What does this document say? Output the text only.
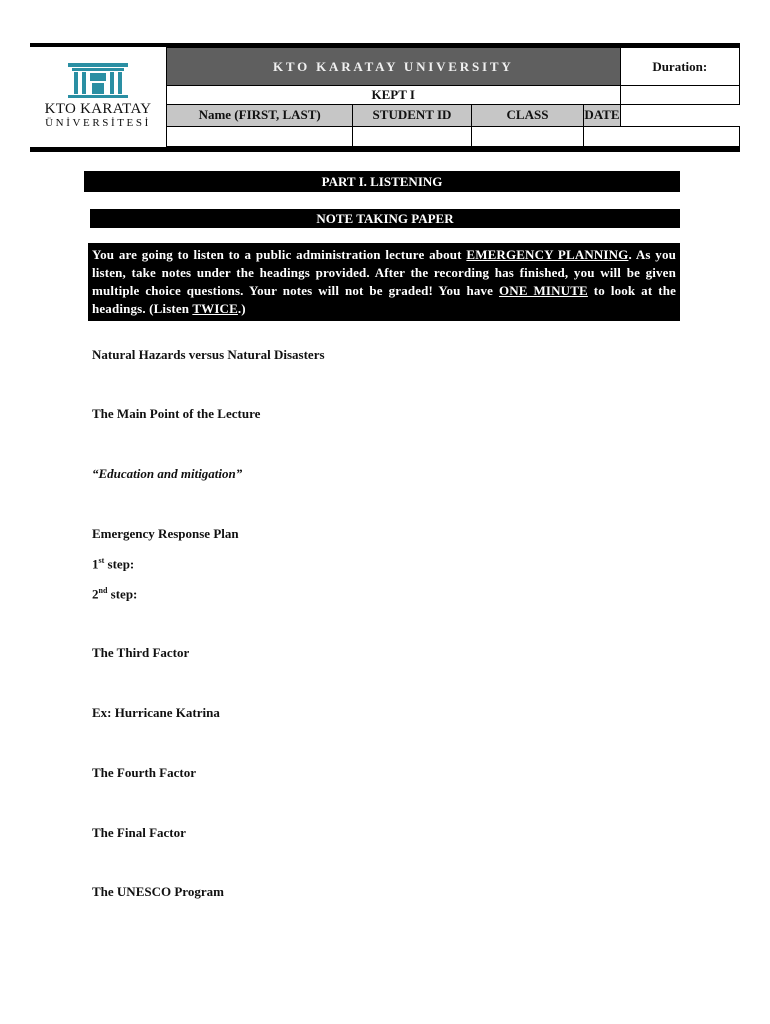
KTO KARATAY
ÜNİVERSİTESİ
KTO KARATAY UNIVERSITY				Duration:
KEPT I				
Name (FIRST, LAST)	STUDENT ID	CLASS	DATE

PART I. LISTENING
NOTE TAKING PAPER
You are going to listen to a public administration lecture about EMERGENCY PLANNING. As you listen, take notes under the headings provided. After the recording has finished, you will be given multiple choice questions. Your notes will not be graded! You have ONE MINUTE to look at the headings. (Listen TWICE.)
Natural Hazards versus Natural Disasters
The Main Point of the Lecture
“Education and mitigation”
Emergency Response Plan
1st step:
2nd step:
The Third Factor
Ex: Hurricane Katrina
The Fourth Factor
The Final Factor
The UNESCO Program
